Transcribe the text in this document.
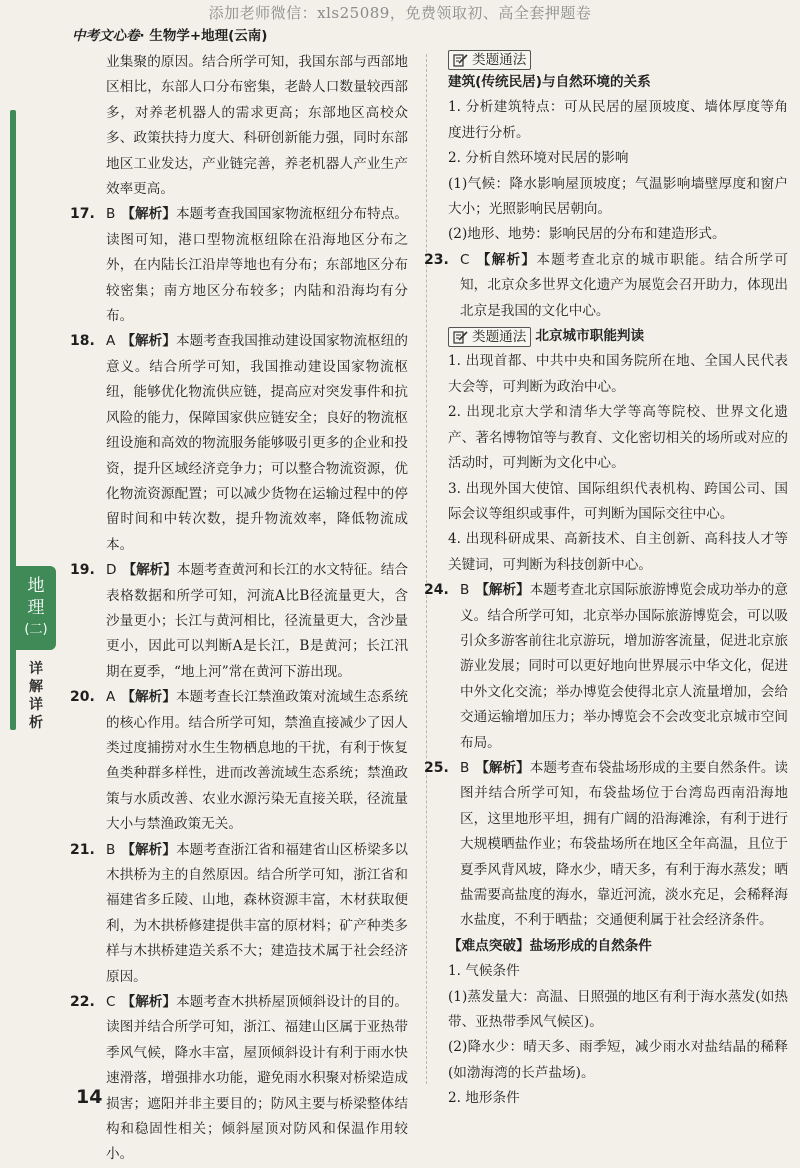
添加老师微信：xls25089，免费领取初、高全套押题卷
中考文心卷· 生物学+地理(云南)
地
理
(二)
详
解
详
析

业集聚的原因。结合所学可知，我国东部与西部地区相比，东部人口分布密集，老龄人口数量较西部多，对养老机器人的需求更高；东部地区高校众多、政策扶持力度大、科研创新能力强，同时东部地区工业发达，产业链完善，养老机器人产业生产效率更高。

17. B 【解析】本题考查我国国家物流枢纽分布特点。读图可知，港口型物流枢纽除在沿海地区分布之外，在内陆长江沿岸等地也有分布；东部地区分布较密集；南方地区分布较多；内陆和沿海均有分布。

18. A 【解析】本题考查我国推动建设国家物流枢纽的意义。结合所学可知，我国推动建设国家物流枢纽，能够优化物流供应链，提高应对突发事件和抗风险的能力，保障国家供应链安全；良好的物流枢纽设施和高效的物流服务能够吸引更多的企业和投资，提升区域经济竞争力；可以整合物流资源，优化物流资源配置；可以减少货物在运输过程中的停留时间和中转次数，提升物流效率，降低物流成本。

19. D 【解析】本题考查黄河和长江的水文特征。结合表格数据和所学可知，河流A比B径流量更大，含沙量更小；长江与黄河相比，径流量更大，含沙量更小，因此可以判断A是长江，B是黄河；长江汛期在夏季，“地上河”常在黄河下游出现。

20. A 【解析】本题考查长江禁渔政策对流域生态系统的核心作用。结合所学可知，禁渔直接减少了因人类过度捕捞对水生生物栖息地的干扰，有利于恢复鱼类种群多样性，进而改善流域生态系统；禁渔政策与水质改善、农业水源污染无直接关联，径流量大小与禁渔政策无关。

21. B 【解析】本题考查浙江省和福建省山区桥梁多以木拱桥为主的自然原因。结合所学可知，浙江省和福建省多丘陵、山地，森林资源丰富，木材获取便利，为木拱桥修建提供丰富的原材料；矿产种类多样与木拱桥建造关系不大；建造技术属于社会经济原因。

22. C 【解析】本题考查木拱桥屋顶倾斜设计的目的。读图并结合所学可知，浙江、福建山区属于亚热带季风气候，降水丰富，屋顶倾斜设计有利于雨水快速滑落，增强排水功能，避免雨水积聚对桥梁造成损害；遮阳并非主要目的；防风主要与桥梁整体结构和稳固性相关；倾斜屋顶对防风和保温作用较小。

类题通法

建筑(传统民居)与自然环境的关系

1. 分析建筑特点：可从民居的屋顶坡度、墙体厚度等角度进行分析。

2. 分析自然环境对民居的影响

(1)气候：降水影响屋顶坡度；气温影响墙壁厚度和窗户大小；光照影响民居朝向。

(2)地形、地势：影响民居的分布和建造形式。

23. C 【解析】本题考查北京的城市职能。结合所学可知，北京众多世界文化遗产为展览会召开助力，体现出北京是我国的文化中心。

类题通法 北京城市职能判读

1. 出现首都、中共中央和国务院所在地、全国人民代表大会等，可判断为政治中心。

2. 出现北京大学和清华大学等高等院校、世界文化遗产、著名博物馆等与教育、文化密切相关的场所或对应的活动时，可判断为文化中心。

3. 出现外国大使馆、国际组织代表机构、跨国公司、国际会议等组织或事件，可判断为国际交往中心。

4. 出现科研成果、高新技术、自主创新、高科技人才等关键词，可判断为科技创新中心。

24. B 【解析】本题考查北京国际旅游博览会成功举办的意义。结合所学可知，北京举办国际旅游博览会，可以吸引众多游客前往北京游玩，增加游客流量，促进北京旅游业发展；同时可以更好地向世界展示中华文化，促进中外文化交流；举办博览会使得北京人流量增加，会给交通运输增加压力；举办博览会不会改变北京城市空间布局。

25. B 【解析】本题考查布袋盐场形成的主要自然条件。读图并结合所学可知，布袋盐场位于台湾岛西南沿海地区，这里地形平坦，拥有广阔的沿海滩涂，有利于进行大规模晒盐作业；布袋盐场所在地区全年高温，且位于夏季风背风坡，降水少，晴天多，有利于海水蒸发；晒盐需要高盐度的海水，靠近河流，淡水充足，会稀释海水盐度，不利于晒盐；交通便利属于社会经济条件。

【难点突破】盐场形成的自然条件

1. 气候条件

(1)蒸发量大：高温、日照强的地区有利于海水蒸发(如热带、亚热带季风气候区)。

(2)降水少：晴天多、雨季短，减少雨水对盐结晶的稀释(如渤海湾的长芦盐场)。

2. 地形条件

14
